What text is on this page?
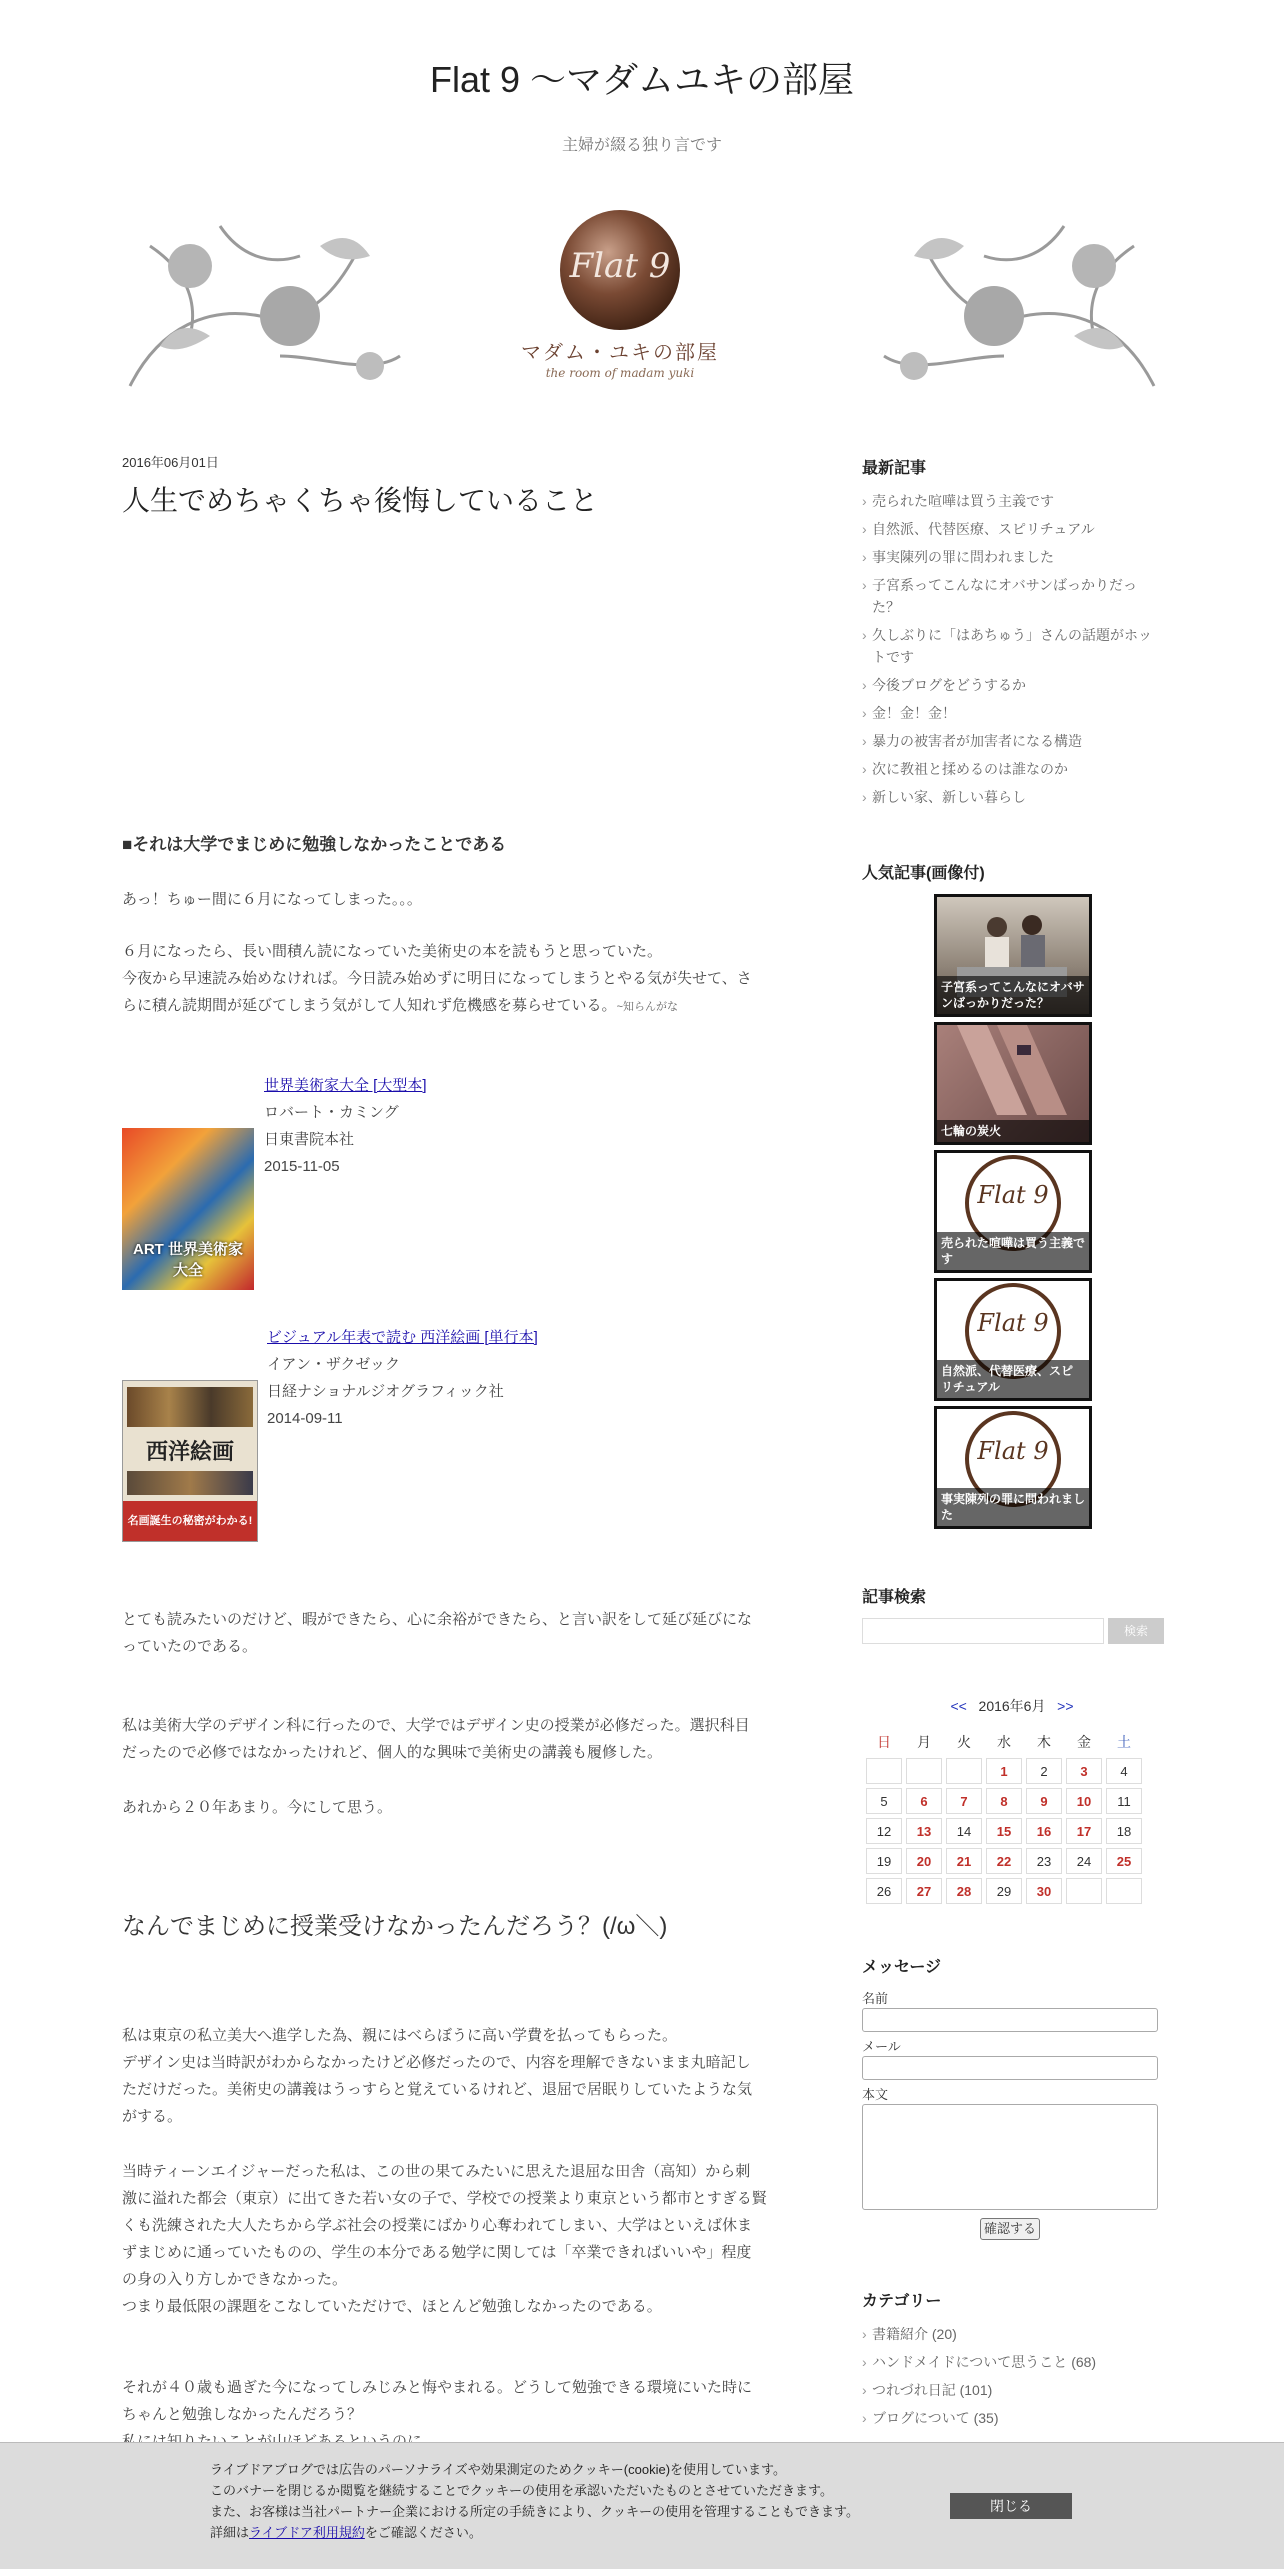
Flat 9 〜マダムユキの部屋
主婦が綴る独り言です
Flat 9
マダム・ユキの部屋
the room of madam yuki
2016年06月01日
人生でめちゃくちゃ後悔していること
■それは大学でまじめに勉強しなかったことである

あっ！ちゅー間に６月になってしまった。。。

６月になったら、長い間積ん読になっていた美術史の本を読もうと思っていた。

今夜から早速読み始めなければ。今日読み始めずに明日になってしまうとやる気が失せて、さ

らに積ん読期間が延びてしまう気がして人知れず危機感を募らせている。~知らんがな

ART 世界美術家大全
世界美術家大全 [大型本]
ロバート・カミング
日東書院本社
2015-11-05
西洋絵画
名画誕生の秘密がわかる!
ビジュアル年表で読む 西洋絵画 [単行本]
イアン・ザクゼック
日経ナショナルジオグラフィック社
2014-09-11

とても読みたいのだけど、暇ができたら、心に余裕ができたら、と言い訳をして延び延びにな

っていたのである。

私は美術大学のデザイン科に行ったので、大学ではデザイン史の授業が必修だった。選択科目

だったので必修ではなかったけれど、個人的な興味で美術史の講義も履修した。

あれから２０年あまり。今にして思う。

なんでまじめに授業受けなかったんだろう？(/ω＼)

私は東京の私立美大へ進学した為、親にはべらぼうに高い学費を払ってもらった。

デザイン史は当時訳がわからなかったけど必修だったので、内容を理解できないまま丸暗記し

ただけだった。美術史の講義はうっすらと覚えているけれど、退屈で居眠りしていたような気

がする。

当時ティーンエイジャーだった私は、この世の果てみたいに思えた退屈な田舎（高知）から刺

激に溢れた都会（東京）に出てきた若い女の子で、学校での授業より東京という都市とすぎる賢

くも洗練された大人たちから学ぶ社会の授業にばかり心奪われてしまい、大学はといえば休ま

ずまじめに通っていたものの、学生の本分である勉学に関しては「卒業できればいいや」程度

の身の入り方しかできなかった。

つまり最低限の課題をこなしていただけで、ほとんど勉強しなかったのである。

それが４０歳も過ぎた今になってしみじみと悔やまれる。どうして勉強できる環境にいた時に

ちゃんと勉強しなかったんだろう？

最新記事
› 売られた喧嘩は買う主義です
› 自然派、代替医療、スピリチュアル
› 事実陳列の罪に問われました
› 子宮系ってこんなにオバサンばっかりだった？
› 久しぶりに「はあちゅう」さんの話題がホットです
› 今後ブログをどうするか
› 金！金！金！
› 暴力の被害者が加害者になる構造
› 次に教祖と揉めるのは誰なのか
› 新しい家、新しい暮らし
人気記事(画像付)
子宮系ってこんなにオバサンばっかりだった？
七輪の炭火
Flat 9
売られた喧嘩は買う主義です
Flat 9
自然派、代替医療、スピリチュアル
Flat 9
事実陳列の罪に問われました
記事検索
検索
<< 2016年6月 >>
日	月	火	水	木	金	土
			1	2	3	4
5	6	7	8	9	10	11
12	13	14	15	16	17	18
19	20	21	22	23	24	25
26	27	28	29	30		
メッセージ
名前
メール
本文
確認する
カテゴリー
› 書籍紹介 (20)
› ハンドメイドについて思うこと (68)
› つれづれ日記 (101)
› ブログについて (35)
ライブドアブログでは広告のパーソナライズや効果測定のためクッキー(cookie)を使用しています。
このバナーを閉じるか閲覧を継続することでクッキーの使用を承認いただいたものとさせていただきます。
また、お客様は当社パートナー企業における所定の手続きにより、クッキーの使用を管理することもできます。
詳細はライブドア利用規約をご確認ください。
閉じる
